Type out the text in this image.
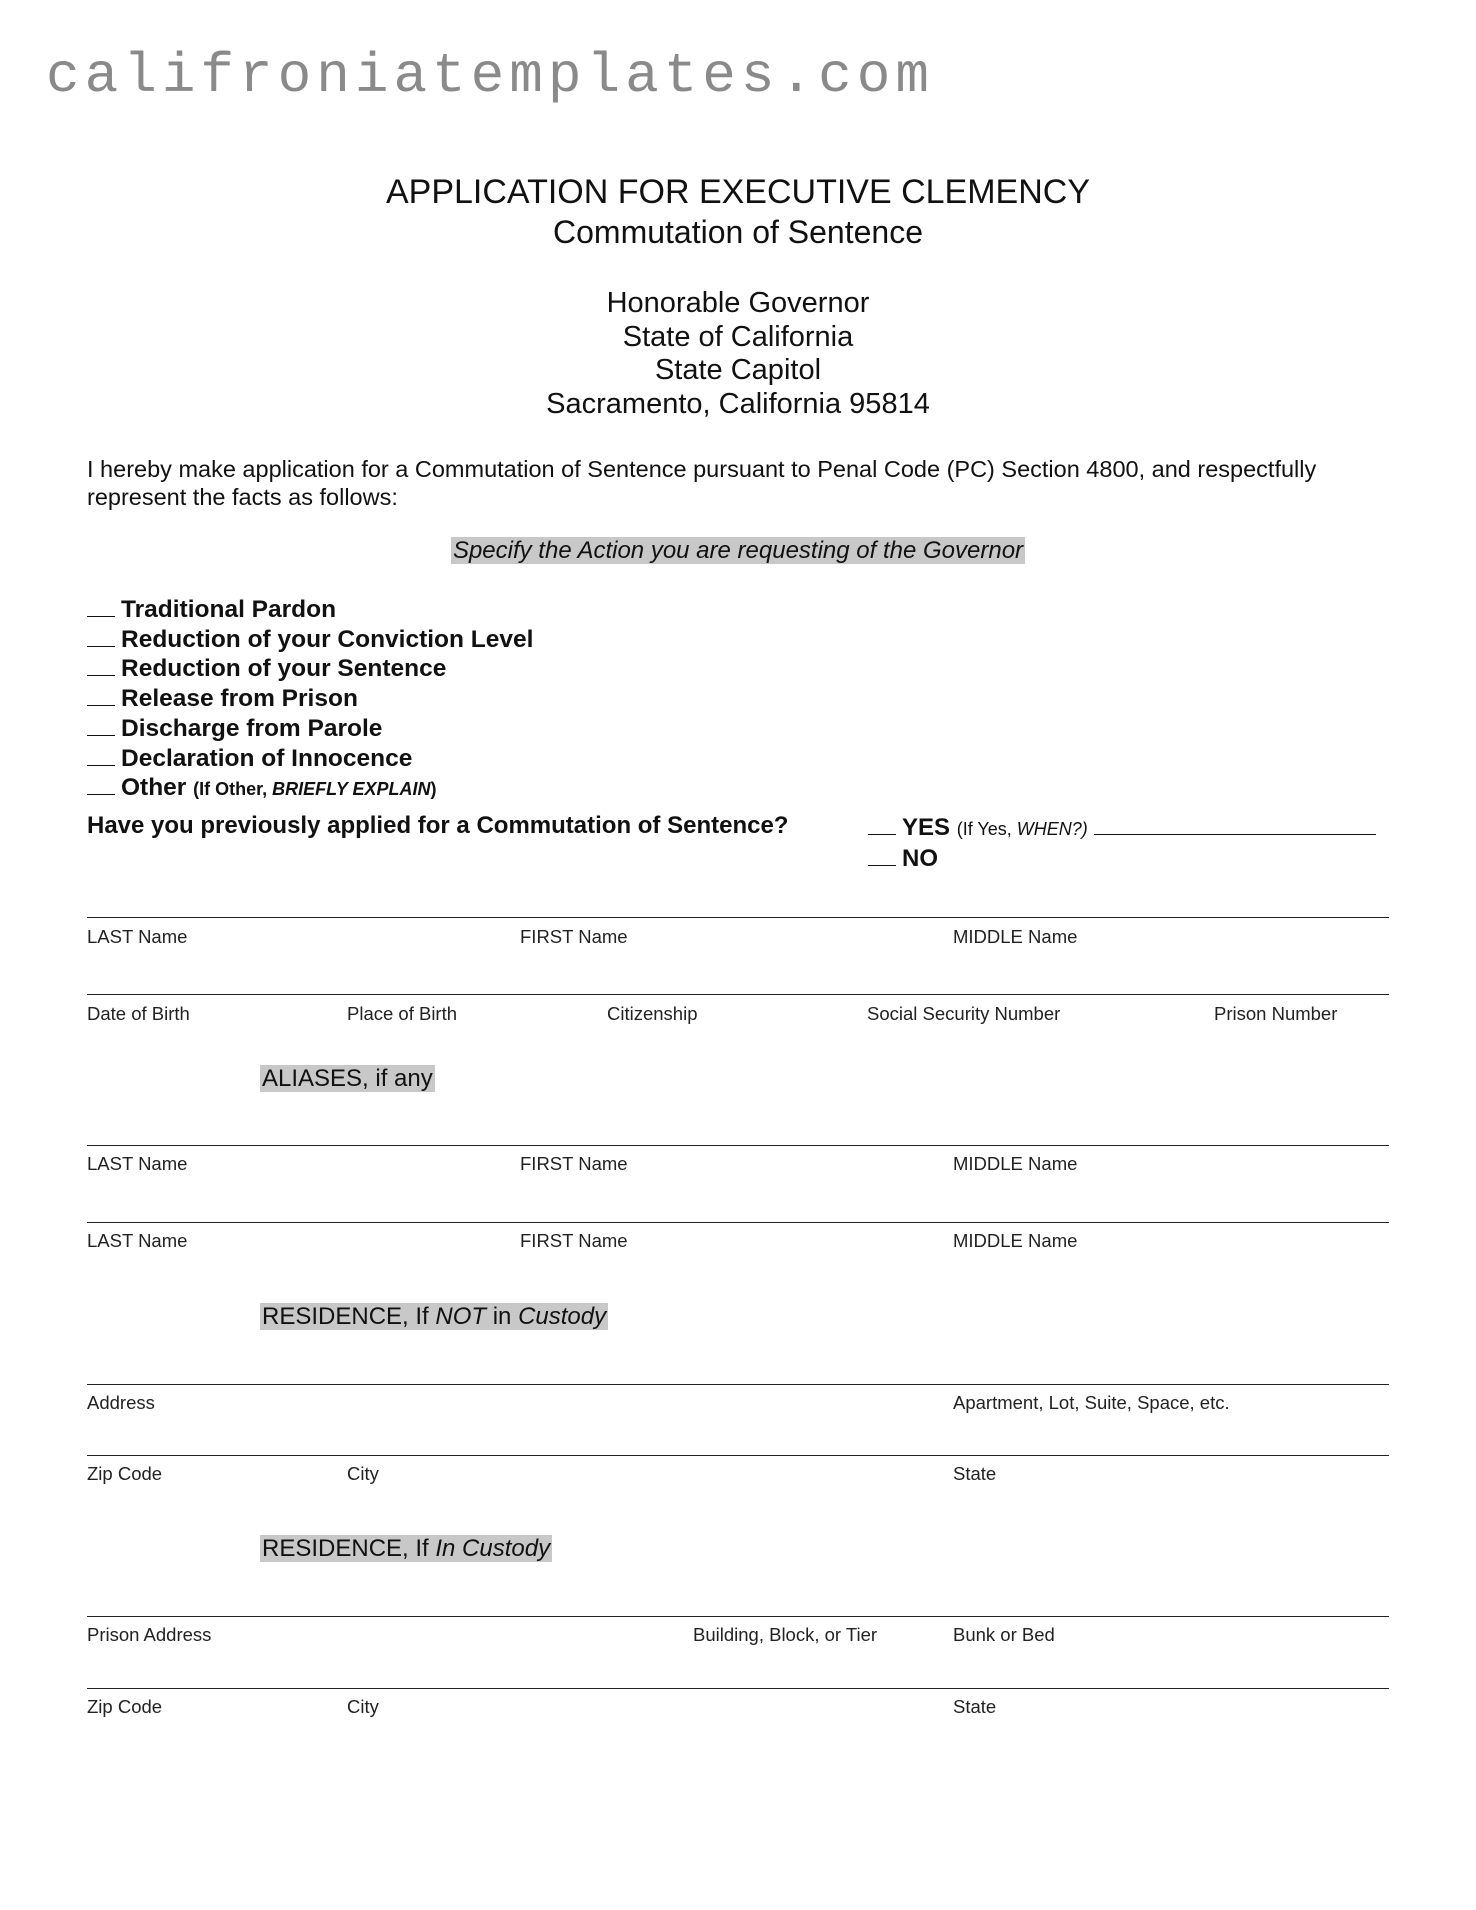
califroniatemplates.com
APPLICATION FOR EXECUTIVE CLEMENCY
Commutation of Sentence
Honorable Governor
State of California
State Capitol
Sacramento, California 95814
I hereby make application for a Commutation of Sentence pursuant to Penal Code (PC) Section 4800, and respectfully represent the facts as follows:
Specify the Action you are requesting of the Governor
Traditional Pardon
Reduction of your Conviction Level
Reduction of your Sentence
Release from Prison
Discharge from Parole
Declaration of Innocence
Other (If Other, BRIEFLY EXPLAIN)
Have you previously applied for a Commutation of Sentence?	YES (If Yes, WHEN?)
NO
LAST Name	FIRST Name	MIDDLE Name
Date of Birth	Place of Birth	Citizenship	Social Security Number	Prison Number
ALIASES, if any
LAST Name	FIRST Name	MIDDLE Name
LAST Name	FIRST Name	MIDDLE Name
RESIDENCE, If NOT in Custody
Address	Apartment, Lot, Suite, Space, etc.
Zip Code	City	State
RESIDENCE, If In Custody
Prison Address	Building, Block, or Tier	Bunk or Bed
Zip Code	City	State
